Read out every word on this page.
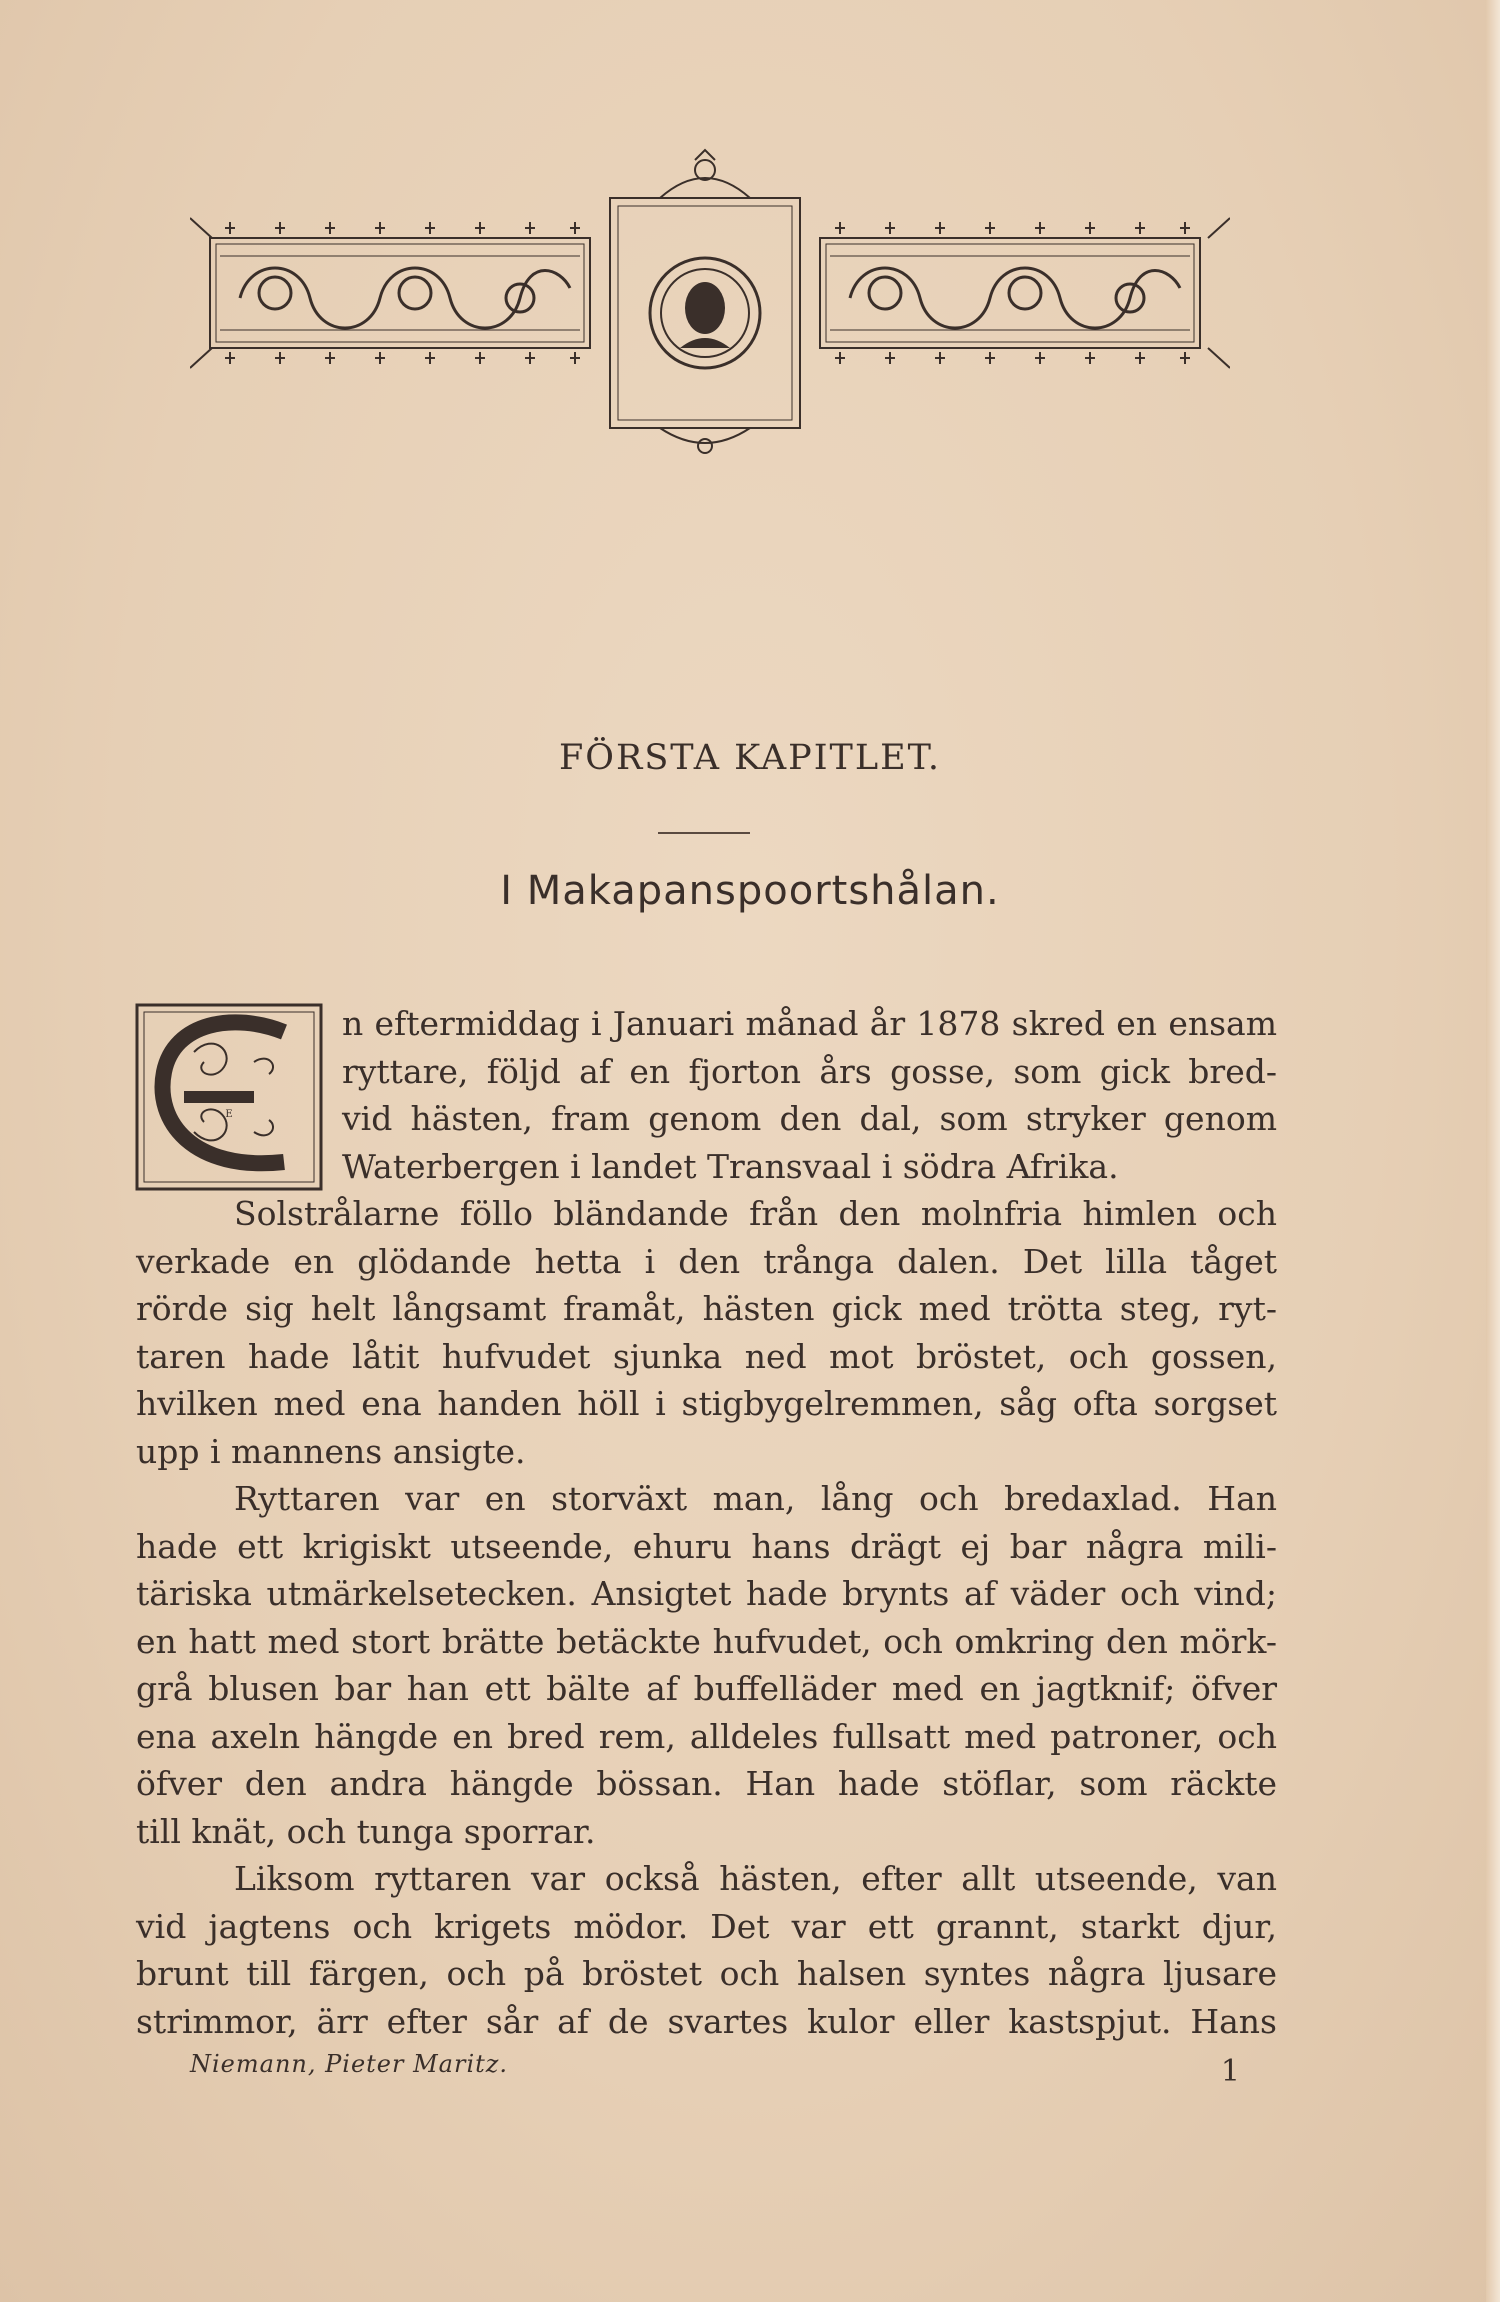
FÖRSTA KAPITLET.
I Makapanspoortshålan.
E
n eftermiddag i Januari månad år 1878 skred en ensam
ryttare, följd af en fjorton års gosse, som gick bred-
vid hästen, fram genom den dal, som stryker genom
Waterbergen i landet Transvaal i södra Afrika.
Solstrålarne föllo bländande från den molnfria himlen och
verkade en glödande hetta i den trånga dalen. Det lilla tåget
rörde sig helt långsamt framåt, hästen gick med trötta steg, ryt-
taren hade låtit hufvudet sjunka ned mot bröstet, och gossen,
hvilken med ena handen höll i stigbygelremmen, såg ofta sorgset
upp i mannens ansigte.
Ryttaren var en storväxt man, lång och bredaxlad. Han
hade ett krigiskt utseende, ehuru hans drägt ej bar några mili-
täriska utmärkelsetecken. Ansigtet hade brynts af väder och vind;
en hatt med stort brätte betäckte hufvudet, och omkring den mörk-
grå blusen bar han ett bälte af buffelläder med en jagtknif; öfver
ena axeln hängde en bred rem, alldeles fullsatt med patroner, och
öfver den andra hängde bössan. Han hade stöflar, som räckte
till knät, och tunga sporrar.
Liksom ryttaren var också hästen, efter allt utseende, van
vid jagtens och krigets mödor. Det var ett grannt, starkt djur,
brunt till färgen, och på bröstet och halsen syntes några ljusare
strimmor, ärr efter sår af de svartes kulor eller kastspjut. Hans
Niemann, Pieter Maritz.	1
